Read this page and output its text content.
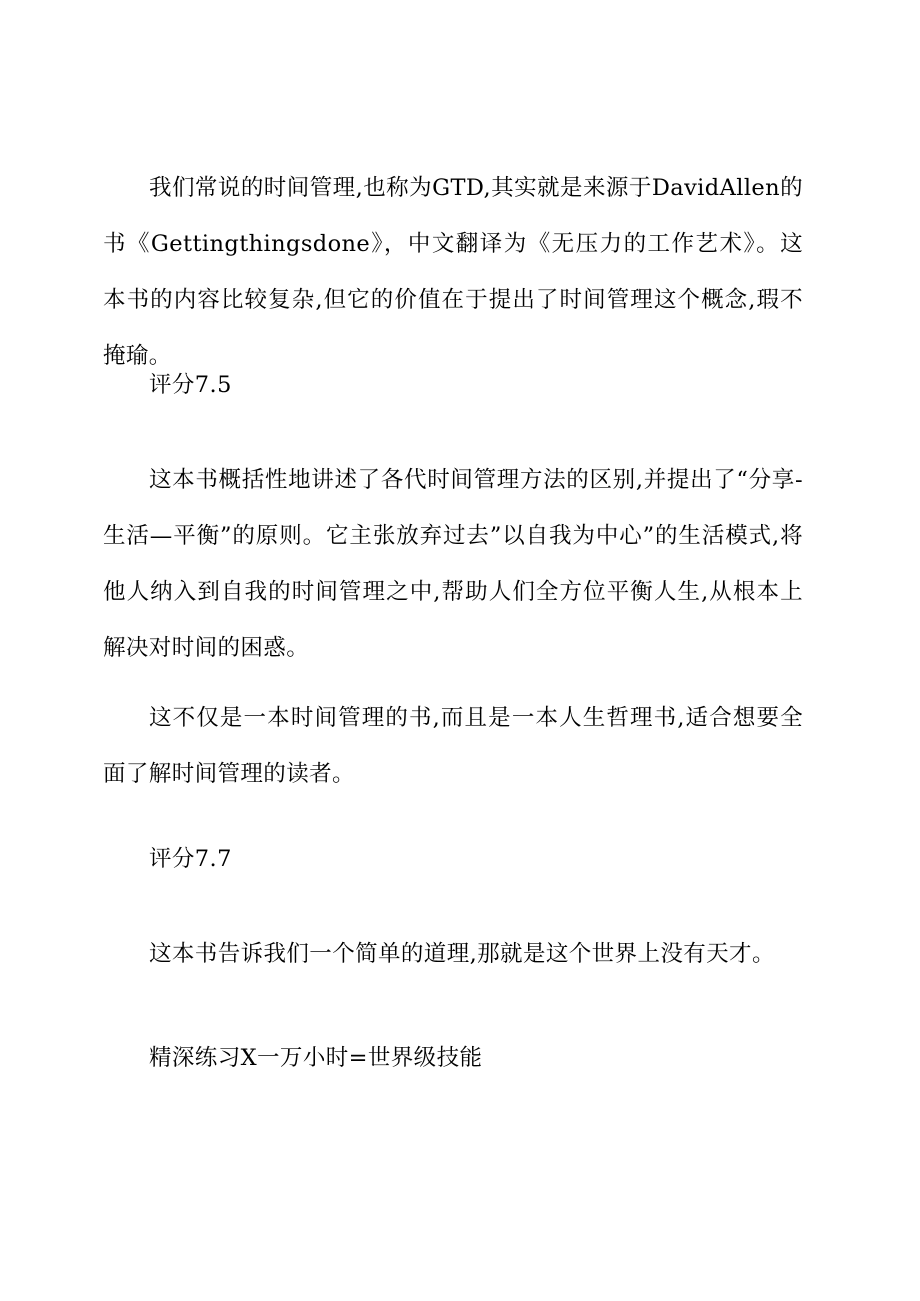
我们常说的时间管理,也称为GTD,其实就是来源于DavidAllen的书《Gettingthingsdone》，中文翻译为《无压力的工作艺术》。这本书的内容比较复杂,但它的价值在于提出了时间管理这个概念,瑕不掩瑜。

评分7.5

这本书概括性地讲述了各代时间管理方法的区别,并提出了“分享-生活—平衡”的原则。它主张放弃过去”以自我为中心”的生活模式,将他人纳入到自我的时间管理之中,帮助人们全方位平衡人生,从根本上解决对时间的困惑。

这不仅是一本时间管理的书,而且是一本人生哲理书,适合想要全面了解时间管理的读者。

评分7.7

这本书告诉我们一个简单的道理,那就是这个世界上没有天才。

精深练习X一万小时=世界级技能
